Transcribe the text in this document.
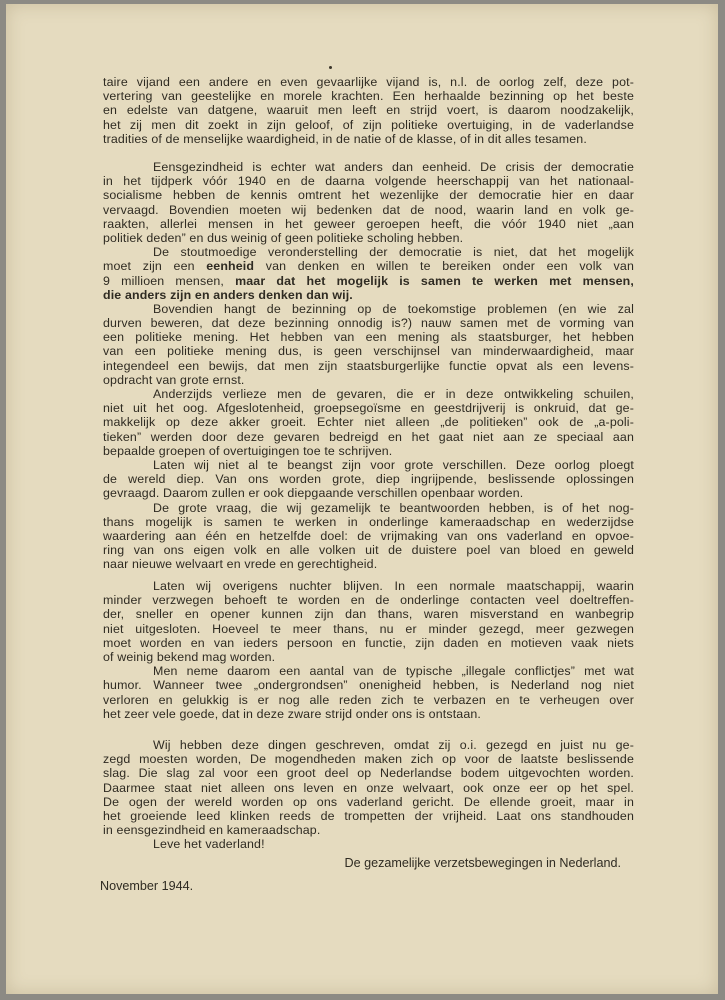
taire vijand een andere en even gevaarlijke vijand is, n.l. de oorlog zelf, deze pot-
vertering van geestelijke en morele krachten. Een herhaalde bezinning op het beste
en edelste van datgene, waaruit men leeft en strijd voert, is daarom noodzakelijk,
het zij men dit zoekt in zijn geloof, of zijn politieke overtuiging, in de vaderlandse
tradities of de menselijke waardigheid, in de natie of de klasse, of in dit alles tesamen.
Eensgezindheid is echter wat anders dan eenheid. De crisis der democratie
in het tijdperk vóór 1940 en de daarna volgende heerschappij van het nationaal-
socialisme hebben de kennis omtrent het wezenlijke der democratie hier en daar
vervaagd. Bovendien moeten wij bedenken dat de nood, waarin land en volk ge-
raakten, allerlei mensen in het geweer geroepen heeft, die vóór 1940 niet „aan
politiek deden” en dus weinig of geen politieke scholing hebben.
De stoutmoedige veronderstelling der democratie is niet, dat het mogelijk
moet zijn een eenheid van denken en willen te bereiken onder een volk van
9 millioen mensen, maar dat het mogelijk is samen te werken met mensen,
die anders zijn en anders denken dan wij.
Bovendien hangt de bezinning op de toekomstige problemen (en wie zal
durven beweren, dat deze bezinning onnodig is?) nauw samen met de vorming van
een politieke mening. Het hebben van een mening als staatsburger, het hebben
van een politieke mening dus, is geen verschijnsel van minderwaardigheid, maar
integendeel een bewijs, dat men zijn staatsburgerlijke functie opvat als een levens-
opdracht van grote ernst.
Anderzijds verlieze men de gevaren, die er in deze ontwikkeling schuilen,
niet uit het oog. Afgeslotenheid, groepsegoïsme en geestdrijverij is onkruid, dat ge-
makkelijk op deze akker groeit. Echter niet alleen „de politieken” ook de „a-poli-
tieken” werden door deze gevaren bedreigd en het gaat niet aan ze speciaal aan
bepaalde groepen of overtuigingen toe te schrijven.
Laten wij niet al te beangst zijn voor grote verschillen. Deze oorlog ploegt
de wereld diep. Van ons worden grote, diep ingrijpende, beslissende oplossingen
gevraagd. Daarom zullen er ook diepgaande verschillen openbaar worden.
De grote vraag, die wij gezamelijk te beantwoorden hebben, is of het nog-
thans mogelijk is samen te werken in onderlinge kameraadschap en wederzijdse
waardering aan één en hetzelfde doel: de vrijmaking van ons vaderland en opvoe-
ring van ons eigen volk en alle volken uit de duistere poel van bloed en geweld
naar nieuwe welvaart en vrede en gerechtigheid.
Laten wij overigens nuchter blijven. In een normale maatschappij, waarin
minder verzwegen behoeft te worden en de onderlinge contacten veel doeltreffen-
der, sneller en opener kunnen zijn dan thans, waren misverstand en wanbegrip
niet uitgesloten. Hoeveel te meer thans, nu er minder gezegd, meer gezwegen
moet worden en van ieders persoon en functie, zijn daden en motieven vaak niets
of weinig bekend mag worden.
Men neme daarom een aantal van de typische „illegale conflictjes” met wat
humor. Wanneer twee „ondergrondsen” onenigheid hebben, is Nederland nog niet
verloren en gelukkig is er nog alle reden zich te verbazen en te verheugen over
het zeer vele goede, dat in deze zware strijd onder ons is ontstaan.
Wij hebben deze dingen geschreven, omdat zij o.i. gezegd en juist nu ge-
zegd moesten worden, De mogendheden maken zich op voor de laatste beslissende
slag. Die slag zal voor een groot deel op Nederlandse bodem uitgevochten worden.
Daarmee staat niet alleen ons leven en onze welvaart, ook onze eer op het spel.
De ogen der wereld worden op ons vaderland gericht. De ellende groeit, maar in
het groeiende leed klinken reeds de trompetten der vrijheid. Laat ons standhouden
in eensgezindheid en kameraadschap.
Leve het vaderland!
De gezamelijke verzetsbewegingen in Nederland.
November 1944.
